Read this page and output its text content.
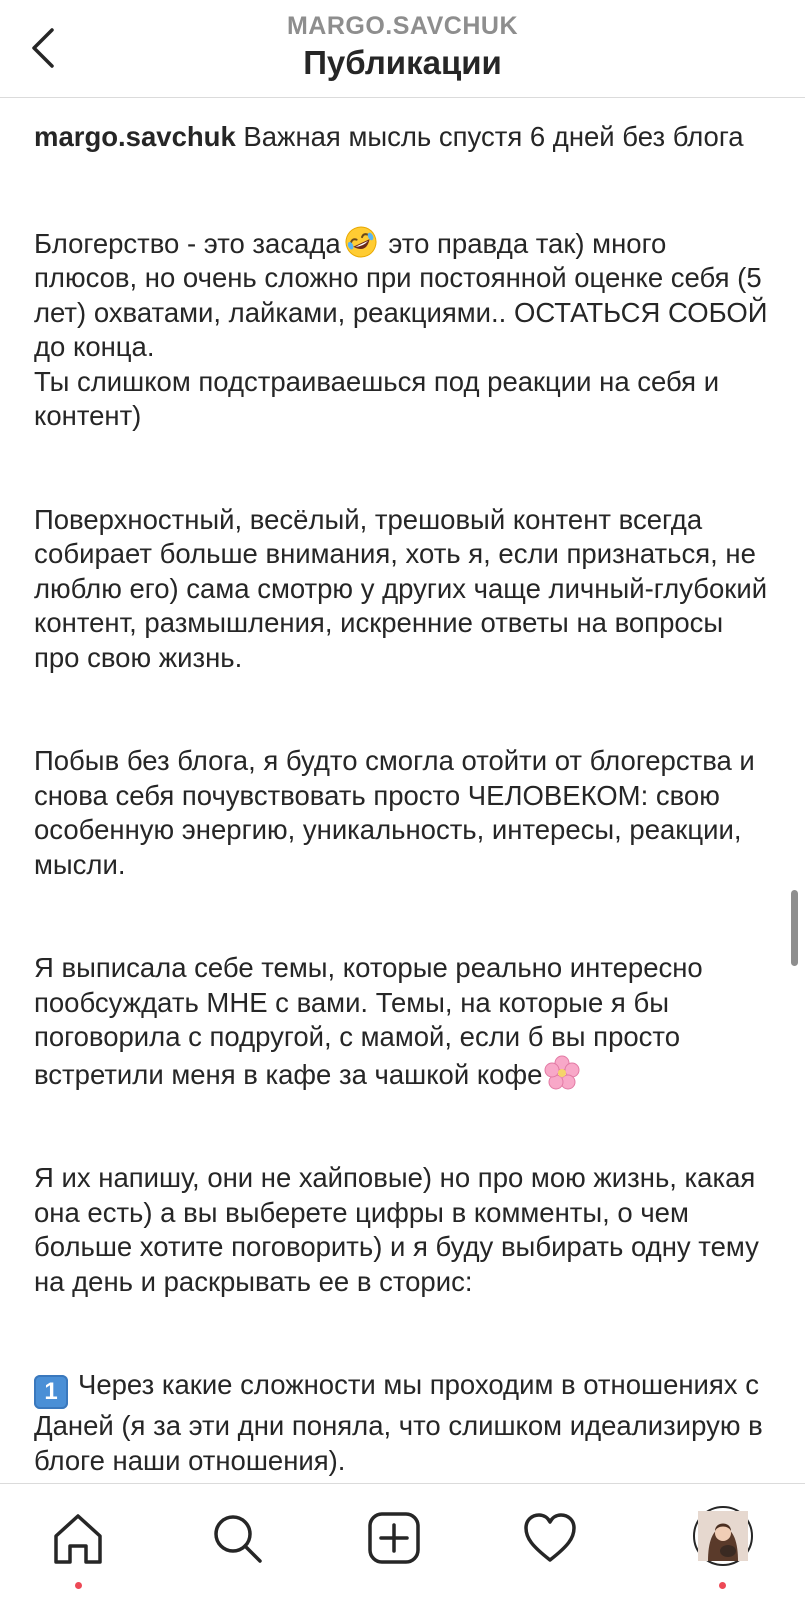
MARGO.SAVCHUK
Публикации

margo.savchuk Важная мысль спустя 6 дней без блога

Блогерство - это засада
это правда так) много плюсов, но очень сложно при постоянной оценке себя (5 лет) охватами, лайками, реакциями.. ОСТАТЬСЯ СОБОЙ до конца.
Ты слишком подстраиваешься под реакции на себя и контент)

Поверхностный, весёлый, трешовый контент всегда собирает больше внимания, хоть я, если признаться, не люблю его) сама смотрю у других чаще личный-глубокий контент, размышления, искренние ответы на вопросы про свою жизнь.

Побыв без блога, я будто смогла отойти от блогерства и снова себя почувствовать просто ЧЕЛОВЕКОМ: свою особенную энергию, уникальность, интересы, реакции, мысли.

Я выписала себе темы, которые реально интересно пообсуждать МНЕ с вами. Темы, на которые я бы поговорила с подругой, с мамой, если б вы просто встретили меня в кафе за чашкой кофе

Я их напишу, они не хайповые) но про мою жизнь, какая она есть) а вы выберете цифры в комменты, о чем больше хотите поговорить) и я буду выбирать одну тему на день и раскрывать ее в сторис:

1 Через какие сложности мы проходим в отношениях с Даней (я за эти дни поняла, что слишком идеализирую в блоге наши отношения).
